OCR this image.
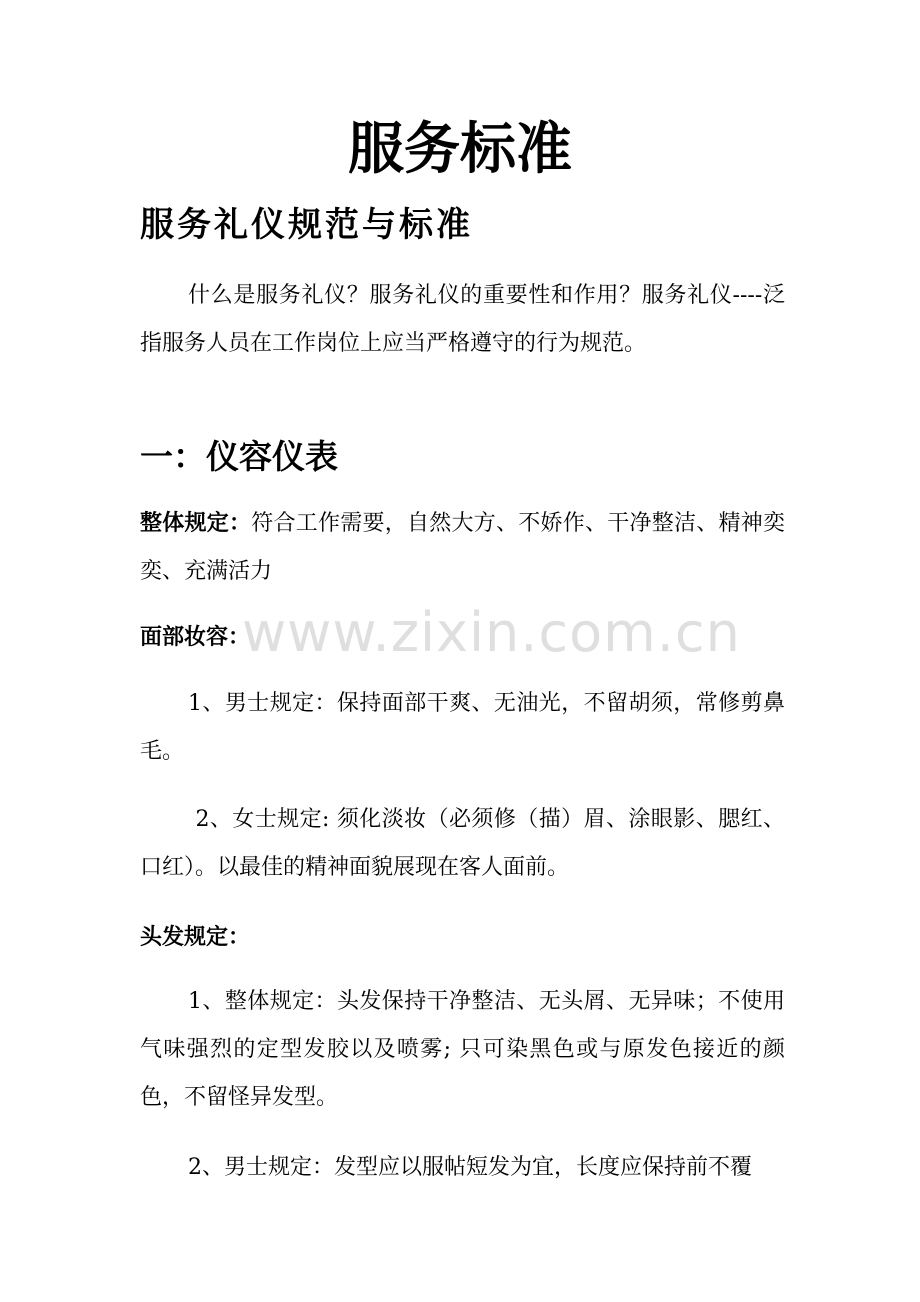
服务标准
服务礼仪规范与标准
什么是服务礼仪？服务礼仪的重要性和作用？服务礼仪----泛指服务人员在工作岗位上应当严格遵守的行为规范。
一：仪容仪表
整体规定：符合工作需要，自然大方、不娇作、干净整洁、精神奕奕、充满活力
面部妆容：
1、男士规定：保持面部干爽、无油光，不留胡须，常修剪鼻毛。
2、女士规定: 须化淡妆（必须修（描）眉、涂眼影、腮红、口红）。以最佳的精神面貌展现在客人面前。
头发规定：
1、整体规定：头发保持干净整洁、无头屑、无异味；不使用气味强烈的定型发胶以及喷雾; 只可染黑色或与原发色接近的颜色，不留怪异发型。
2、男士规定：发型应以服帖短发为宜，长度应保持前不覆
www.zixin.com.cn
